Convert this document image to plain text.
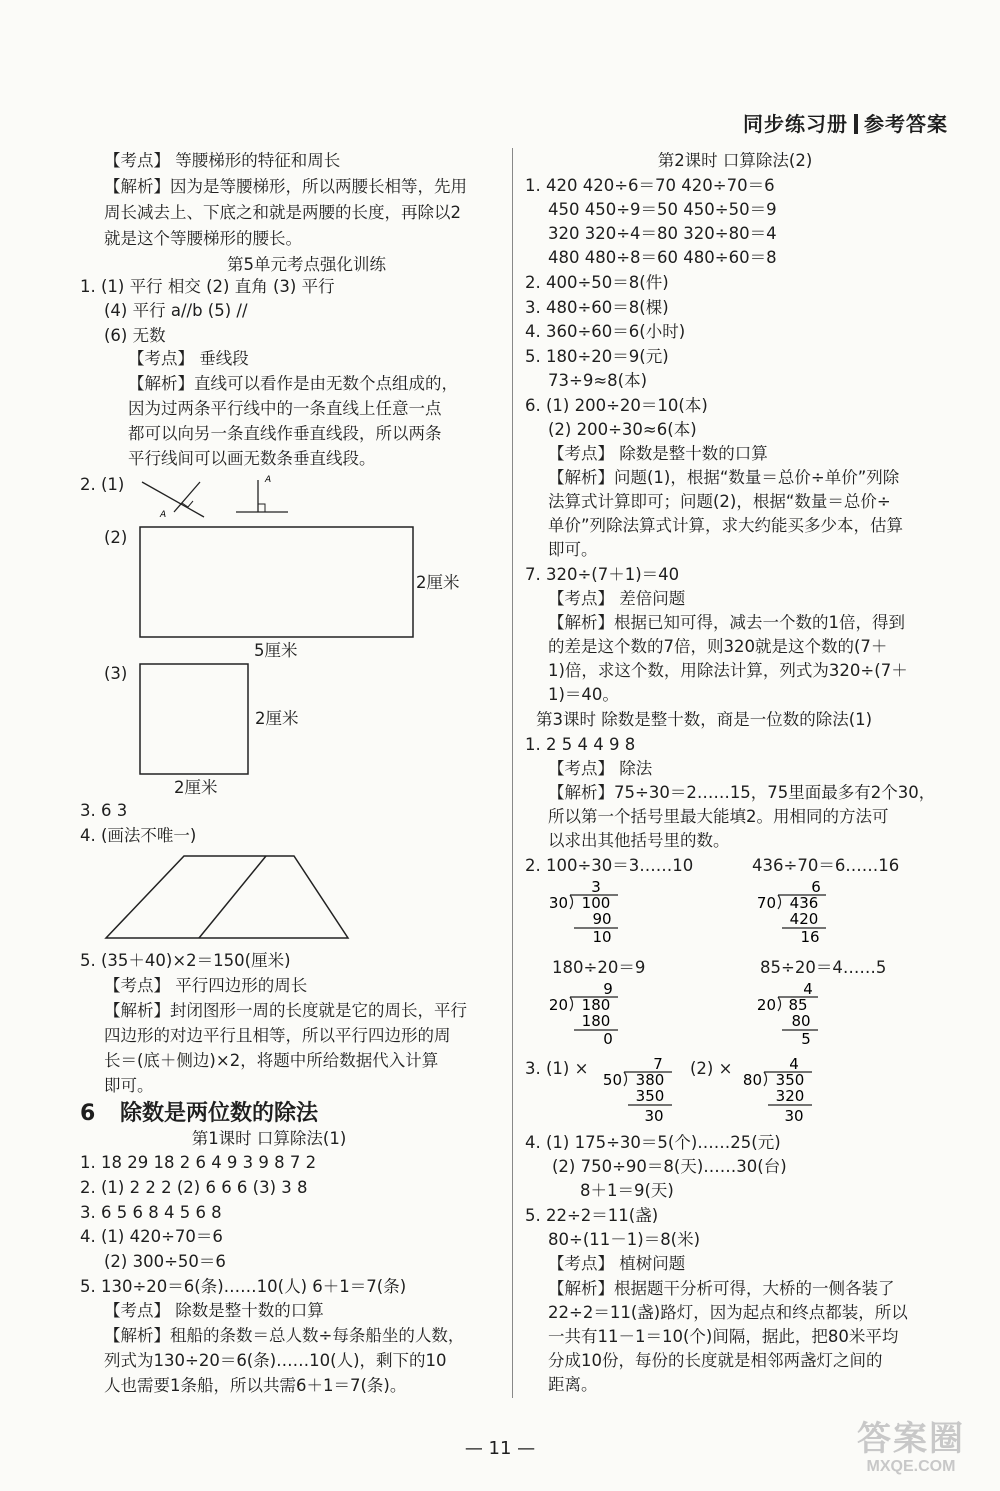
同步练习册 参考答案
【考点】 等腰梯形的特征和周长
【解析】因为是等腰梯形，所以两腰长相等，先用
周长减去上、下底之和就是两腰的长度，再除以2
就是这个等腰梯形的腰长。
第5单元考点强化训练
1. (1) 平行 相交 (2) 直角 (3) 平行
(4) 平行 a//b (5) //
(6) 无数
【考点】 垂线段
【解析】直线可以看作是由无数个点组成的，
因为过两条平行线中的一条直线上任意一点
都可以向另一条直线作垂直线段，所以两条
平行线间可以画无数条垂直线段。
2. (1)
A
A
(2)
2厘米
5厘米
(3)
2厘米
2厘米
3. 6 3
4. (画法不唯一)
5. (35＋40)×2＝150(厘米)
【考点】 平行四边形的周长
【解析】封闭图形一周的长度就是它的周长，平行
四边形的对边平行且相等，所以平行四边形的周
长＝(底＋侧边)×2，将题中所给数据代入计算
即可。
6 除数是两位数的除法
第1课时 口算除法(1)
1. 18 29 18 2 6 4 9 3 9 8 7 2
2. (1) 2 2 2 (2) 6 6 6 (3) 3 8
3. 6 5 6 8 4 5 6 8
4. (1) 420÷70＝6
(2) 300÷50＝6
5. 130÷20＝6(条)……10(人) 6＋1＝7(条)
【考点】 除数是整十数的口算
【解析】租船的条数＝总人数÷每条船坐的人数，
列式为130÷20＝6(条)……10(人)，剩下的10
人也需要1条船，所以共需6＋1＝7(条)。
第2课时 口算除法(2)
1. 420 420÷6＝70 420÷70＝6
450 450÷9＝50 450÷50＝9
320 320÷4＝80 320÷80＝4
480 480÷8＝60 480÷60＝8
2. 400÷50＝8(件)
3. 480÷60＝8(棵)
4. 360÷60＝6(小时)
5. 180÷20＝9(元)
73÷9≈8(本)
6. (1) 200÷20＝10(本)
(2) 200÷30≈6(本)
【考点】 除数是整十数的口算
【解析】问题(1)，根据“数量＝总价÷单价”列除
法算式计算即可；问题(2)，根据“数量＝总价÷
单价”列除法算式计算，求大约能买多少本，估算
即可。
7. 320÷(7＋1)＝40
【考点】 差倍问题
【解析】根据已知可得，减去一个数的1倍，得到
的差是这个数的7倍，则320就是这个数的(7＋
1)倍，求这个数，用除法计算，列式为320÷(7＋
1)＝40。
第3课时 除数是整十数，商是一位数的除法(1)
1. 2 5 4 4 9 8
【考点】 除法
【解析】75÷30＝2……15，75里面最多有2个30，
所以第一个括号里最大能填2。用相同的方法可
以求出其他括号里的数。
2. 100÷30＝3……10	436÷70＝6……16
3
30 100
90
10
6
70 436
420
16
180÷20＝9	85÷20＝4……5
9
20 180
180
0
4
20 85
80
5
3. (1) ×	7
50 380
350
30
(2) ×	4
80 350
320
30
4. (1) 175÷30＝5(个)……25(元)
(2) 750÷90＝8(天)……30(台)
8＋1＝9(天)
5. 22÷2＝11(盏)
80÷(11－1)＝8(米)
【考点】 植树问题
【解析】根据题干分析可得，大桥的一侧各装了
22÷2＝11(盏)路灯，因为起点和终点都装，所以
一共有11－1＝10(个)间隔，据此，把80米平均
分成10份，每份的长度就是相邻两盏灯之间的
距离。
— 11 —	答案圈
MXQE.COM
